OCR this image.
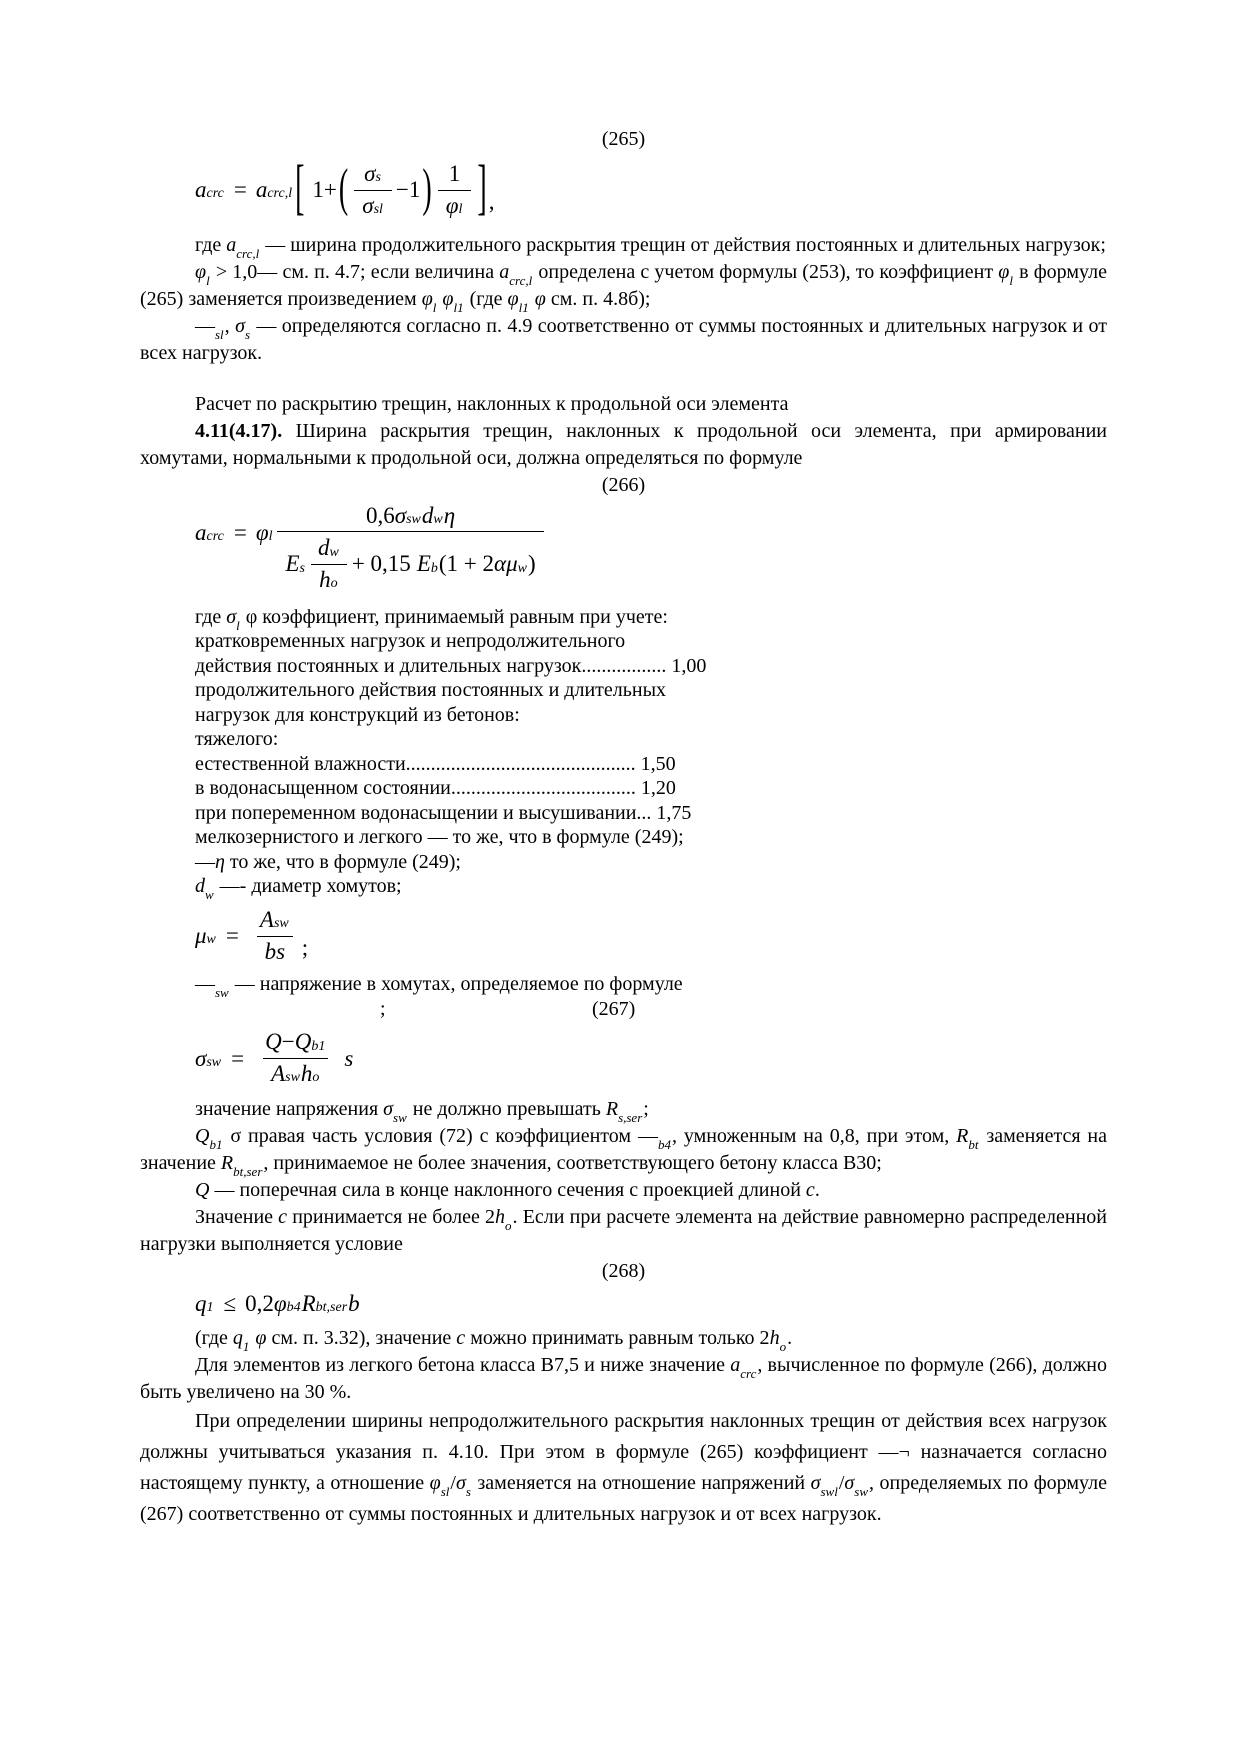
(265)

$a_{crc} = a_{crc,l}$ [ 1+ ( $\frac{\sigma_s}{\sigma_{sl}} -1$ ) $\frac{1}{\varphi_l}$ ] ,

где $a_{crc,l}$ — ширина продолжительного раскрытия трещин от действия постоянных и длительных нагрузок;

$\varphi_l$ > 1,0— см. п. 4.7; если величина $a_{crc,l}$ определена с учетом формулы (253), то коэффициент $\varphi_l$ в формуле (265) заменяется произведением $\varphi_l$ $\varphi_{l1}$ (где $\varphi_{l1}$ φ см. п. 4.8б);

$—_{sl}$, $\sigma_s$ — определяются согласно п. 4.9 соответственно от суммы постоянных и длительных нагрузок и от всех нагрузок.

Расчет по раскрытию трещин, наклонных к продольной оси элемента

4.11(4.17). Ширина раскрытия трещин, наклонных к продольной оси элемента, при армировании хомутами, нормальными к продольной оси, должна определяться по формуле

(266)

$a_{crc} = \varphi_l$
0,6 $\sigma_{sw}$ $d_w$ η
$E_s \frac{d_w}{h_o} + 0,15$ $E_b$ (1 + 2 α $\mu_w$ )

где $\sigma_l$ φ коэффициент, принимаемый равным при учете:

кратковременных нагрузок и непродолжительного

действия постоянных и длительных нагрузок................. 1,00

продолжительного действия постоянных и длительных

нагрузок для конструкций из бетонов:

тяжелого:

естественной влажности.............................................. 1,50

в водонасыщенном состоянии..................................... 1,20

при попеременном водонасыщении и высушивании... 1,75

мелкозернистого и легкого — то же, что в формуле (249);

—η то же, что в формуле (249);

$d_w$ —- диаметр хомутов;

$\mu_w = \frac{A_{sw}}{bs}$ ;

$—_{sw}$ — напряжение в хомутах, определяемое по формуле

;	(267)
$\sigma_{sw} = \frac{Q - Q_{b1}}{A_{sw} h_o}$ s

значение напряжения $\sigma_{sw}$ не должно превышать $R_{s,ser}$;

$Q_{b1}$ σ правая часть условия (72) с коэффициентом $—_{b4}$, умноженным на 0,8, при этом, $R_{bt}$ заменяется на значение $R_{bt,ser}$, принимаемое не более значения, соответствующего бетону класса В30;

Q — поперечная сила в конце наклонного сечения с проекцией длиной c.

Значение c принимается не более $2h_o$. Если при расчете элемента на действие равномерно распределенной нагрузки выполняется условие

(268)

$q_1 \le 0,2$ $\varphi_{b4}$ $R_{bt,ser}$ b

(где $q_1$ φ см. п. 3.32), значение c можно принимать равным только $2h_o$.

Для элементов из легкого бетона класса В7,5 и ниже значение $a_{crc}$, вычисленное по формуле (266), должно быть увеличено на 30 %.

При определении ширины непродолжительного раскрытия наклонных трещин от действия всех нагрузок должны учитываться указания п. 4.10. При этом в формуле (265) коэффициент —¬ назначается согласно настоящему пункту, а отношение $\varphi_{sl}/\sigma_s$ заменяется на отношение напряжений $\sigma_{swl}/\sigma_{sw}$, определяемых по формуле (267) соответственно от суммы постоянных и длительных нагрузок и от всех нагрузок.
